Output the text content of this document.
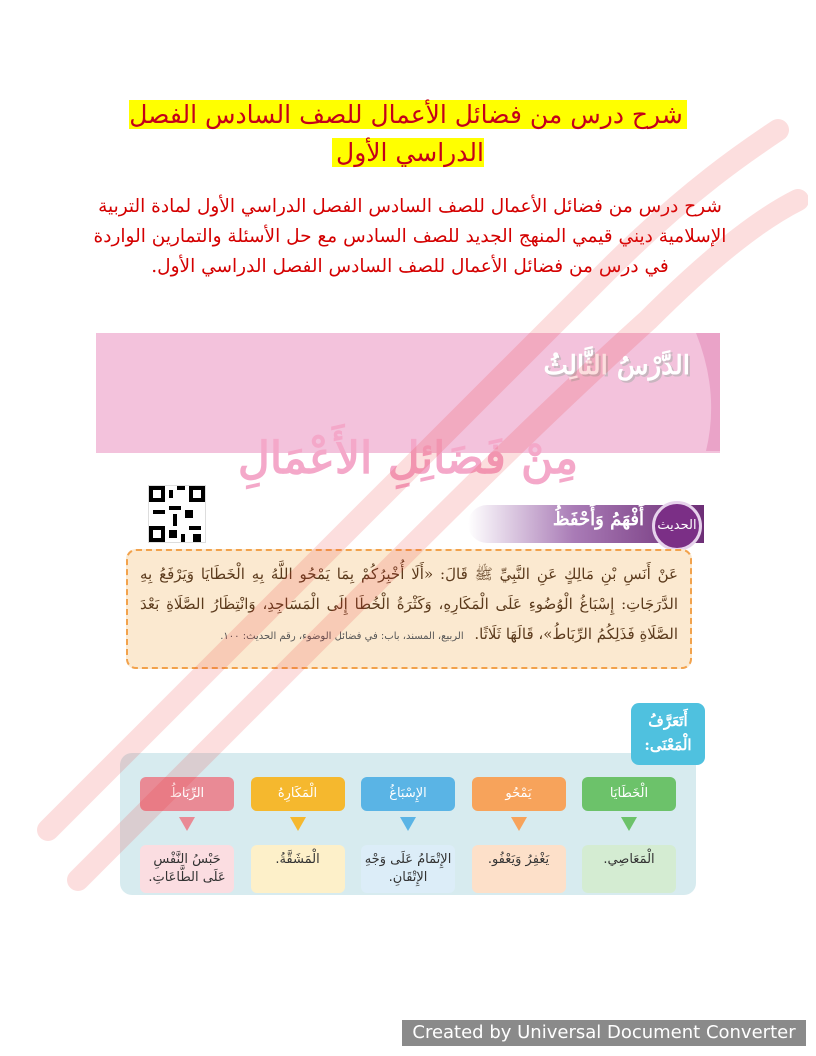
شرح درس من فضائل الأعمال للصف السادس الفصل الدراسي الأول
شرح درس من فضائل الأعمال للصف السادس الفصل الدراسي الأول لمادة التربية الإسلامية ديني قيمي المنهج الجديد للصف السادس مع حل الأسئلة والتمارين الواردة في درس من فضائل الأعمال للصف السادس الفصل الدراسي الأول.
الدَّرْسُ الثَّالِثُ
مِنْ فَضَائِلِ الأَعْمَالِ
الحديث
أَفْهَمُ وَأَحْفَظُ
عَنْ أَنَسِ بْنِ مَالِكٍ عَنِ النَّبِيِّ ﷺ قَالَ: «أَلَا أُخْبِرُكُمْ بِمَا يَمْحُو اللَّهُ بِهِ الْخَطَايَا وَيَرْفَعُ بِهِ الدَّرَجَاتِ: إِسْبَاغُ الْوُضُوءِ عَلَى الْمَكَارِهِ، وَكَثْرَةُ الْخُطَا إِلَى الْمَسَاجِدِ، وَانْتِظَارُ الصَّلَاةِ بَعْدَ الصَّلَاةِ فَذَلِكُمُ الرِّبَاطُ»، قَالَهَا ثَلَاثًا. الربيع، المسند، باب: في فضائل الوضوء، رقم الحديث: ١٠٠.
الْخَطَايَا
الْمَعَاصِي.
يَمْحُو
يَغْفِرُ وَيَعْفُو.
الإِسْبَاغُ
الإِتْمَامُ عَلَى وَجْهِ الإِتْقَانِ.
الْمَكَارِهُ
الْمَشَقَّةُ.
الرِّبَاطُ
حَبْسُ النَّفْسِ عَلَى الطَّاعَاتِ.
أَتَعَرَّفُ الْمَعْنَى:
Created by Universal Document Converter
